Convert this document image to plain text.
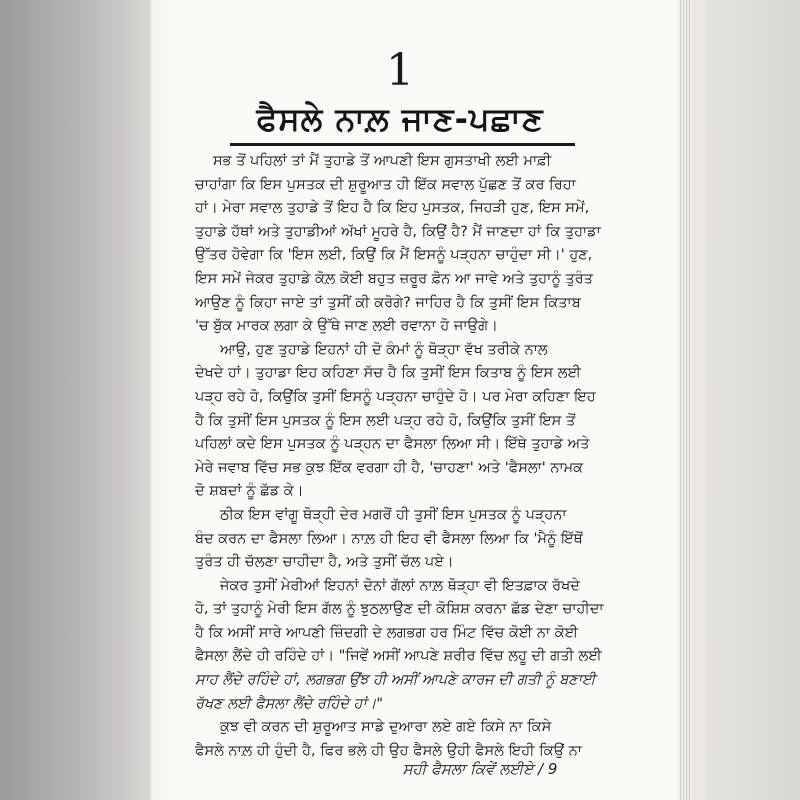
1
ਫੈਸਲੇ ਨਾਲ਼ ਜਾਣ-ਪਛਾਣ
ਸਭ ਤੋਂ ਪਹਿਲਾਂ ਤਾਂ ਮੈਂ ਤੁਹਾਡੇ ਤੋਂ ਆਪਣੀ ਇਸ ਗੁਸਤਾਖੀ ਲਈ ਮਾਫ਼ੀ
ਚਾਹਾਂਗਾ ਕਿ ਇਸ ਪੁਸਤਕ ਦੀ ਸ਼ੁਰੂਆਤ ਹੀ ਇੱਕ ਸਵਾਲ ਪੁੱਛਣ ਤੋਂ ਕਰ ਰਿਹਾ
ਹਾਂ। ਮੇਰਾ ਸਵਾਲ ਤੁਹਾਡੇ ਤੋਂ ਇਹ ਹੈ ਕਿ ਇਹ ਪੁਸਤਕ, ਜਿਹੜੀ ਹੁਣ, ਇਸ ਸਮੇਂ,
ਤੁਹਾਡੇ ਹੱਥਾਂ ਅਤੇ ਤੁਹਾਡੀਆਂ ਅੱਖਾਂ ਮੂਹਰੇ ਹੈ, ਕਿਉਂ ਹੈ? ਮੈਂ ਜਾਣਦਾ ਹਾਂ ਕਿ ਤੁਹਾਡਾ
ਉੱਤਰ ਹੋਵੇਗਾ ਕਿ 'ਇਸ ਲਈ, ਕਿਉਂ ਕਿ ਮੈਂ ਇਸਨੂੰ ਪੜ੍ਹਨਾ ਚਾਹੁੰਦਾ ਸੀ।' ਹੁਣ,
ਇਸ ਸਮੇਂ ਜੇਕਰ ਤੁਹਾਡੇ ਕੋਲ਼ ਕੋਈ ਬਹੁਤ ਜ਼ਰੂਰ ਫ਼ੋਨ ਆ ਜਾਵੇ ਅਤੇ ਤੁਹਾਨੂੰ ਤੁਰੰਤ
ਆਉਣ ਨੂੰ ਕਿਹਾ ਜਾਏ ਤਾਂ ਤੁਸੀਂ ਕੀ ਕਰੋਗੇ? ਜਾਹਿਰ ਹੈ ਕਿ ਤੁਸੀਂ ਇਸ ਕਿਤਾਬ
'ਚ ਬੁੱਕ ਮਾਰਕ ਲਗਾ ਕੇ ਉੱਥੇ ਜਾਣ ਲਈ ਰਵਾਨਾ ਹੋ ਜਾਉਗੇ।
ਆਉ, ਹੁਣ ਤੁਹਾਡੇ ਇਹਨਾਂ ਹੀ ਦੋ ਕੰਮਾਂ ਨੂੰ ਥੋੜ੍ਹਾ ਵੱਖ ਤਰੀਕੇ ਨਾਲ
ਦੇਖਦੇ ਹਾਂ। ਤੁਹਾਡਾ ਇਹ ਕਹਿਣਾ ਸੱਚ ਹੈ ਕਿ ਤੁਸੀਂ ਇਸ ਕਿਤਾਬ ਨੂੰ ਇਸ ਲਈ
ਪੜ੍ਹ ਰਹੇ ਹੋ, ਕਿਉਂਕਿ ਤੁਸੀਂ ਇਸਨੂੰ ਪੜ੍ਹਨਾ ਚਾਹੁੰਦੇ ਹੋ। ਪਰ ਮੇਰਾ ਕਹਿਣਾ ਇਹ
ਹੈ ਕਿ ਤੁਸੀਂ ਇਸ ਪੁਸਤਕ ਨੂੰ ਇਸ ਲਈ ਪੜ੍ਹ ਰਹੇ ਹੋ, ਕਿਉਂਕਿ ਤੁਸੀਂ ਇਸ ਤੋਂ
ਪਹਿਲਾਂ ਕਦੇ ਇਸ ਪੁਸਤਕ ਨੂੰ ਪੜ੍ਹਨ ਦਾ ਫੈਸਲਾ ਲਿਆ ਸੀ। ਇੱਥੇ ਤੁਹਾਡੇ ਅਤੇ
ਮੇਰੇ ਜਵਾਬ ਵਿੱਚ ਸਭ ਕੁਝ ਇੱਕ ਵਰਗਾ ਹੀ ਹੈ, 'ਚਾਹਣਾ' ਅਤੇ 'ਫੈਸਲਾ' ਨਾਮਕ
ਦੋ ਸ਼ਬਦਾਂ ਨੂੰ ਛੱਡ ਕੇ।
ਠੀਕ ਇਸ ਵਾਂਗੂ ਥੋੜ੍ਹੀ ਦੇਰ ਮਗਰੋਂ ਹੀ ਤੁਸੀਂ ਇਸ ਪੁਸਤਕ ਨੂੰ ਪੜ੍ਹਨਾ
ਬੰਦ ਕਰਨ ਦਾ ਫੈਸਲਾ ਲਿਆ। ਨਾਲ਼ ਹੀ ਇਹ ਵੀ ਫੈਸਲਾ ਲਿਆ ਕਿ 'ਮੈਨੂੰ ਇੱਥੋਂ
ਤੁਰੰਤ ਹੀ ਚੱਲਣਾ ਚਾਹੀਦਾ ਹੈ, ਅਤੇ ਤੁਸੀਂ ਚੱਲ ਪਏ।
ਜੇਕਰ ਤੁਸੀਂ ਮੇਰੀਆਂ ਇਹਨਾਂ ਦੋਨਾਂ ਗੱਲਾਂ ਨਾਲ਼ ਥੋੜ੍ਹਾ ਵੀ ਇਤਫ਼ਾਕ ਰੱਖਦੇ
ਹੋ, ਤਾਂ ਤੁਹਾਨੂੰ ਮੇਰੀ ਇਸ ਗੱਲ ਨੂੰ ਝੁਠਲਾਉਣ ਦੀ ਕੋਸ਼ਿਸ਼ ਕਰਨਾ ਛੱਡ ਦੇਣਾ ਚਾਹੀਦਾ
ਹੈ ਕਿ ਅਸੀਂ ਸਾਰੇ ਆਪਣੀ ਜ਼ਿੰਦਗੀ ਦੇ ਲਗਭਗ ਹਰ ਮਿੰਟ ਵਿੱਚ ਕੋਈ ਨਾ ਕੋਈ
ਫੈਸਲਾ ਲੈਂਦੇ ਹੀ ਰਹਿੰਦੇ ਹਾਂ। "ਜਿਵੇਂ ਅਸੀਂ ਆਪਣੇ ਸ਼ਰੀਰ ਵਿੱਚ ਲਹੂ ਦੀ ਗਤੀ ਲਈ
ਸਾਹ ਲੈਂਦੇ ਰਹਿੰਦੇ ਹਾਂ, ਲਗਭਗ ਉਂਝ ਹੀ ਅਸੀਂ ਆਪਣੇ ਕਾਰਜ ਦੀ ਗਤੀ ਨੂੰ ਬਣਾਈ
ਰੱਖਣ ਲਈ ਫੈਸਲਾ ਲੈਂਦੇ ਰਹਿੰਦੇ ਹਾਂ।"
ਕੁਝ ਵੀ ਕਰਨ ਦੀ ਸ਼ੁਰੂਆਤ ਸਾਡੇ ਦੁਆਰਾ ਲਏ ਗਏ ਕਿਸੇ ਨਾ ਕਿਸੇ
ਫੈਸਲੇ ਨਾਲ਼ ਹੀ ਹੁੰਦੀ ਹੈ, ਫਿਰ ਭਲੇ ਹੀ ਉਹ ਫੈਸਲੇ ਉਹੀ ਫੈਸਲੇ ਇਹੀ ਕਿਉਂ ਨਾ
ਸਹੀ ਫੈਸਲਾ ਕਿਵੇਂ ਲਈਏ / 9
